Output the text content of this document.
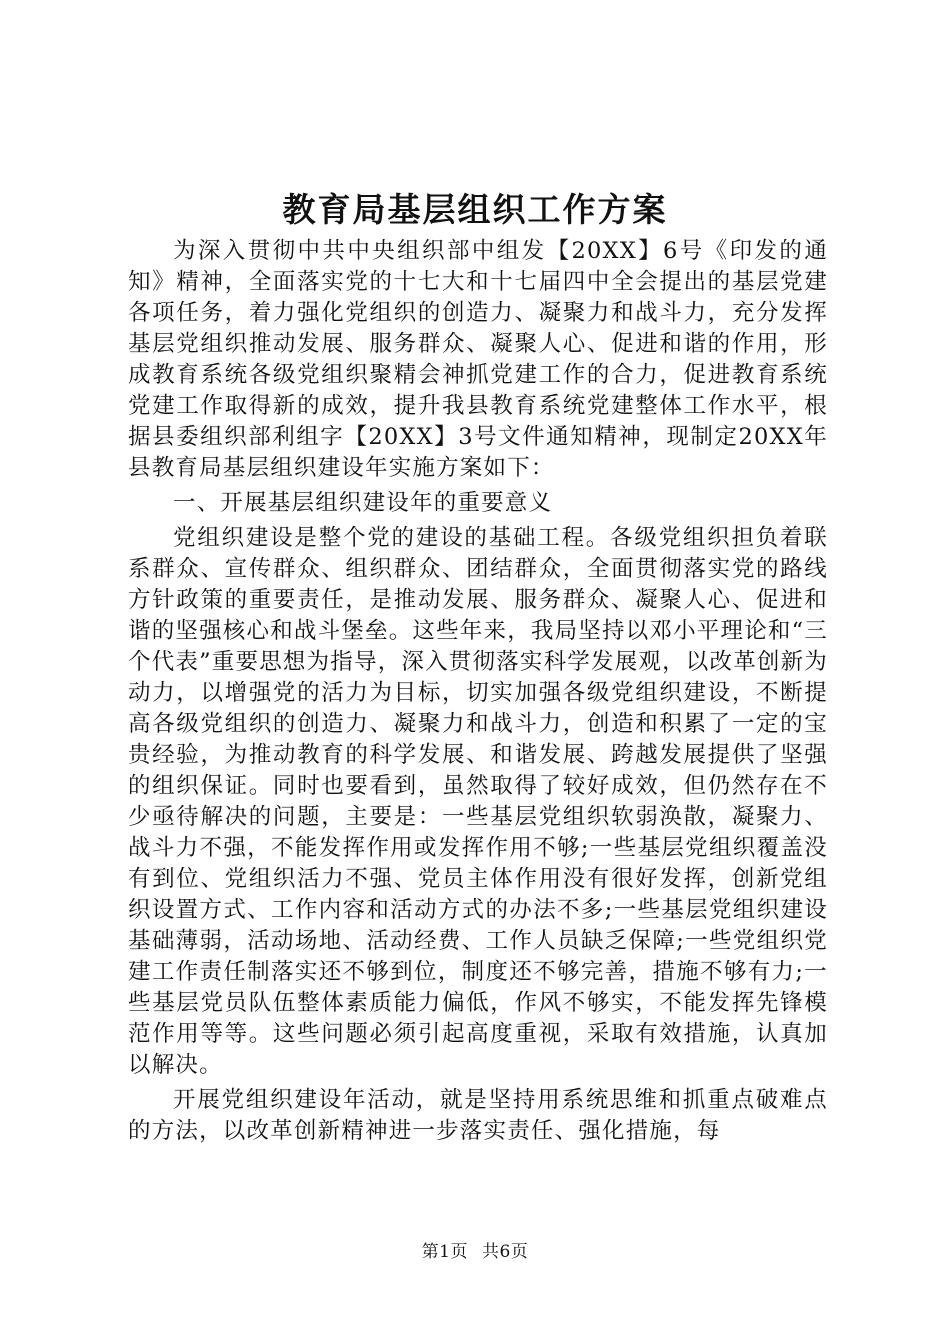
教育局基层组织工作方案

为深入贯彻中共中央组织部中组发【20XX】6号《印发的通知》精神，全面落实党的十七大和十七届四中全会提出的基层党建各项任务，着力强化党组织的创造力、凝聚力和战斗力，充分发挥基层党组织推动发展、服务群众、凝聚人心、促进和谐的作用，形成教育系统各级党组织聚精会神抓党建工作的合力，促进教育系统党建工作取得新的成效，提升我县教育系统党建整体工作水平，根据县委组织部利组字【20XX】3号文件通知精神，现制定20XX年县教育局基层组织建设年实施方案如下：

一、开展基层组织建设年的重要意义

党组织建设是整个党的建设的基础工程。各级党组织担负着联系群众、宣传群众、组织群众、团结群众，全面贯彻落实党的路线方针政策的重要责任，是推动发展、服务群众、凝聚人心、促进和谐的坚强核心和战斗堡垒。这些年来，我局坚持以邓小平理论和“三个代表”重要思想为指导，深入贯彻落实科学发展观，以改革创新为动力，以增强党的活力为目标，切实加强各级党组织建设，不断提高各级党组织的创造力、凝聚力和战斗力，创造和积累了一定的宝贵经验，为推动教育的科学发展、和谐发展、跨越发展提供了坚强的组织保证。同时也要看到，虽然取得了较好成效，但仍然存在不少亟待解决的问题，主要是：一些基层党组织软弱涣散，凝聚力、战斗力不强，不能发挥作用或发挥作用不够;一些基层党组织覆盖没有到位、党组织活力不强、党员主体作用没有很好发挥，创新党组织设置方式、工作内容和活动方式的办法不多;一些基层党组织建设基础薄弱，活动场地、活动经费、工作人员缺乏保障;一些党组织党建工作责任制落实还不够到位，制度还不够完善，措施不够有力;一些基层党员队伍整体素质能力偏低，作风不够实，不能发挥先锋模范作用等等。这些问题必须引起高度重视，采取有效措施，认真加以解决。

开展党组织建设年活动，就是坚持用系统思维和抓重点破难点的方法，以改革创新精神进一步落实责任、强化措施，每

第1页 共6页
